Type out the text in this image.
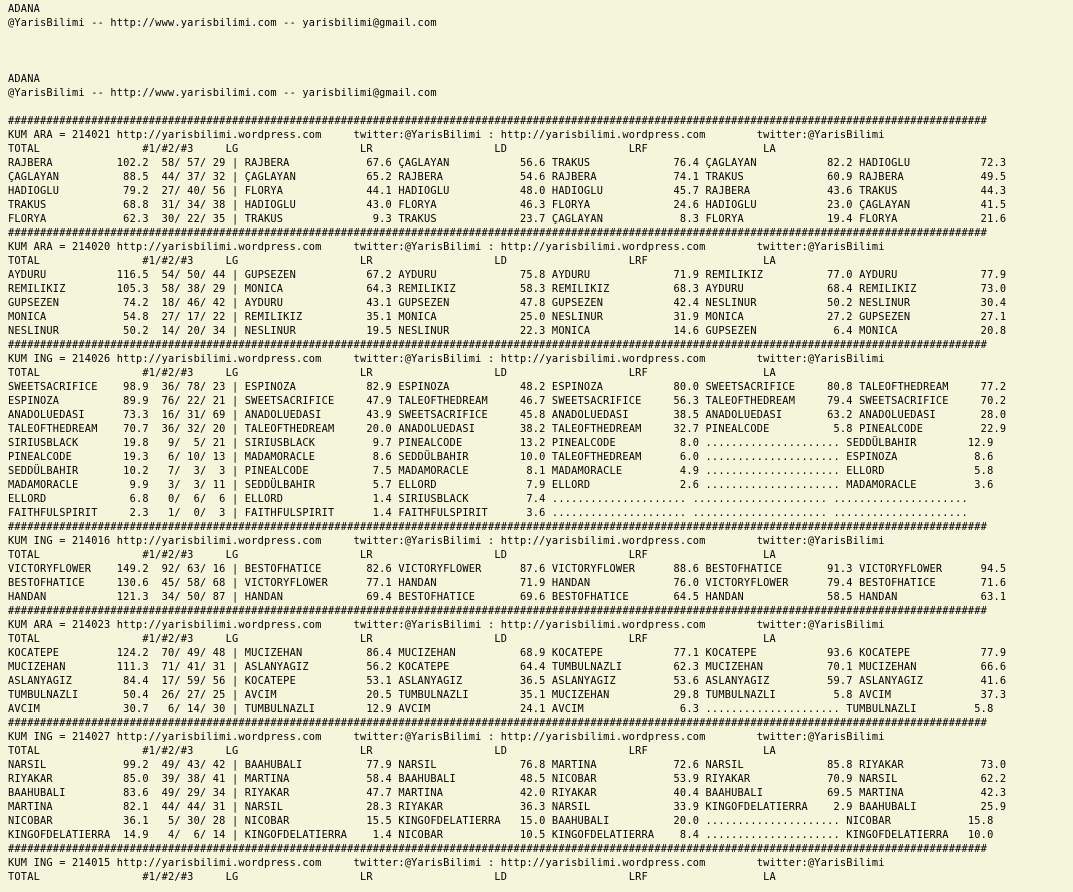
ADANA
@YarisBilimi -- http://www.yarisbilimi.com -- yarisbilimi@gmail.com

ADANA
@YarisBilimi -- http://www.yarisbilimi.com -- yarisbilimi@gmail.com

#########################################################################################################################################################
KUM ARA = 214021 http://yarisbilimi.wordpress.com     twitter:@YarisBilimi : http://yarisbilimi.wordpress.com        twitter:@YarisBilimi
TOTAL                #1/#2/#3     LG                   LR                   LD                   LRF                  LA
RAJBERA          102.2  58/ 57/ 29 | RAJBERA            67.6 ÇAGLAYAN           56.6 TRAKUS             76.4 ÇAGLAYAN           82.2 HADIOGLU           72.3
ÇAGLAYAN          88.5  44/ 37/ 32 | ÇAGLAYAN           65.2 RAJBERA            54.6 RAJBERA            74.1 TRAKUS             60.9 RAJBERA            49.5
HADIOGLU          79.2  27/ 40/ 56 | FLORYA             44.1 HADIOGLU           48.0 HADIOGLU           45.7 RAJBERA            43.6 TRAKUS             44.3
TRAKUS            68.8  31/ 34/ 38 | HADIOGLU           43.0 FLORYA             46.3 FLORYA             24.6 HADIOGLU           23.0 ÇAGLAYAN           41.5
FLORYA            62.3  30/ 22/ 35 | TRAKUS              9.3 TRAKUS             23.7 ÇAGLAYAN            8.3 FLORYA             19.4 FLORYA             21.6
#########################################################################################################################################################
KUM ARA = 214020 http://yarisbilimi.wordpress.com     twitter:@YarisBilimi : http://yarisbilimi.wordpress.com        twitter:@YarisBilimi
TOTAL                #1/#2/#3     LG                   LR                   LD                   LRF                  LA
AYDURU           116.5  54/ 50/ 44 | GUPSEZEN           67.2 AYDURU             75.8 AYDURU             71.9 REMILIKIZ          77.0 AYDURU             77.9
REMILIKIZ        105.3  58/ 38/ 29 | MONICA             64.3 REMILIKIZ          58.3 REMILIKIZ          68.3 AYDURU             68.4 REMILIKIZ          73.0
GUPSEZEN          74.2  18/ 46/ 42 | AYDURU             43.1 GUPSEZEN           47.8 GUPSEZEN           42.4 NESLINUR           50.2 NESLINUR           30.4
MONICA            54.8  27/ 17/ 22 | REMILIKIZ          35.1 MONICA             25.0 NESLINUR           31.9 MONICA             27.2 GUPSEZEN           27.1
NESLINUR          50.2  14/ 20/ 34 | NESLINUR           19.5 NESLINUR           22.3 MONICA             14.6 GUPSEZEN            6.4 MONICA             20.8
#########################################################################################################################################################
KUM ING = 214026 http://yarisbilimi.wordpress.com     twitter:@YarisBilimi : http://yarisbilimi.wordpress.com        twitter:@YarisBilimi
TOTAL                #1/#2/#3     LG                   LR                   LD                   LRF                  LA
SWEETSACRIFICE    98.9  36/ 78/ 23 | ESPINOZA           82.9 ESPINOZA           48.2 ESPINOZA           80.0 SWEETSACRIFICE     80.8 TALEOFTHEDREAM     77.2
ESPINOZA          89.9  76/ 22/ 21 | SWEETSACRIFICE     47.9 TALEOFTHEDREAM     46.7 SWEETSACRIFICE     56.3 TALEOFTHEDREAM     79.4 SWEETSACRIFICE     70.2
ANADOLUEDASI      73.3  16/ 31/ 69 | ANADOLUEDASI       43.9 SWEETSACRIFICE     45.8 ANADOLUEDASI       38.5 ANADOLUEDASI       63.2 ANADOLUEDASI       28.0
TALEOFTHEDREAM    70.7  36/ 32/ 20 | TALEOFTHEDREAM     20.0 ANADOLUEDASI       38.2 TALEOFTHEDREAM     32.7 PINEALCODE          5.8 PINEALCODE         22.9
SIRIUSBLACK       19.8   9/  5/ 21 | SIRIUSBLACK         9.7 PINEALCODE         13.2 PINEALCODE          8.0 ..................... SEDDÜLBAHIR        12.9
PINEALCODE        19.3   6/ 10/ 13 | MADAMORACLE         8.6 SEDDÜLBAHIR        10.0 TALEOFTHEDREAM      6.0 ..................... ESPINOZA            8.6
SEDDÜLBAHIR       10.2   7/  3/  3 | PINEALCODE          7.5 MADAMORACLE         8.1 MADAMORACLE         4.9 ..................... ELLORD              5.8
MADAMORACLE        9.9   3/  3/ 11 | SEDDÜLBAHIR         5.7 ELLORD              7.9 ELLORD              2.6 ..................... MADAMORACLE         3.6
ELLORD             6.8   0/  6/  6 | ELLORD              1.4 SIRIUSBLACK         7.4 ..................... ..................... .....................
FAITHFULSPIRIT     2.3   1/  0/  3 | FAITHFULSPIRIT      1.4 FAITHFULSPIRIT      3.6 ..................... ..................... .....................
#########################################################################################################################################################
KUM ING = 214016 http://yarisbilimi.wordpress.com     twitter:@YarisBilimi : http://yarisbilimi.wordpress.com        twitter:@YarisBilimi
TOTAL                #1/#2/#3     LG                   LR                   LD                   LRF                  LA
VICTORYFLOWER    149.2  92/ 63/ 16 | BESTOFHATICE       82.6 VICTORYFLOWER      87.6 VICTORYFLOWER      88.6 BESTOFHATICE       91.3 VICTORYFLOWER      94.5
BESTOFHATICE     130.6  45/ 58/ 68 | VICTORYFLOWER      77.1 HANDAN             71.9 HANDAN             76.0 VICTORYFLOWER      79.4 BESTOFHATICE       71.6
HANDAN           121.3  34/ 50/ 87 | HANDAN             69.4 BESTOFHATICE       69.6 BESTOFHATICE       64.5 HANDAN             58.5 HANDAN             63.1
#########################################################################################################################################################
KUM ARA = 214023 http://yarisbilimi.wordpress.com     twitter:@YarisBilimi : http://yarisbilimi.wordpress.com        twitter:@YarisBilimi
TOTAL                #1/#2/#3     LG                   LR                   LD                   LRF                  LA
KOCATEPE         124.2  70/ 49/ 48 | MUCIZEHAN          86.4 MUCIZEHAN          68.9 KOCATEPE           77.1 KOCATEPE           93.6 KOCATEPE           77.9
MUCIZEHAN        111.3  71/ 41/ 31 | ASLANYAGIZ         56.2 KOCATEPE           64.4 TUMBULNAZLI        62.3 MUCIZEHAN          70.1 MUCIZEHAN          66.6
ASLANYAGIZ        84.4  17/ 59/ 56 | KOCATEPE           53.1 ASLANYAGIZ         36.5 ASLANYAGIZ         53.6 ASLANYAGIZ         59.7 ASLANYAGIZ         41.6
TUMBULNAZLI       50.4  26/ 27/ 25 | AVCIM              20.5 TUMBULNAZLI        35.1 MUCIZEHAN          29.8 TUMBULNAZLI         5.8 AVCIM              37.3
AVCIM             30.7   6/ 14/ 30 | TUMBULNAZLI        12.9 AVCIM              24.1 AVCIM               6.3 ..................... TUMBULNAZLI         5.8
#########################################################################################################################################################
KUM ING = 214027 http://yarisbilimi.wordpress.com     twitter:@YarisBilimi : http://yarisbilimi.wordpress.com        twitter:@YarisBilimi
TOTAL                #1/#2/#3     LG                   LR                   LD                   LRF                  LA
NARSIL            99.2  49/ 43/ 42 | BAAHUBALI          77.9 NARSIL             76.8 MARTINA            72.6 NARSIL             85.8 RIYAKAR            73.0
RIYAKAR           85.0  39/ 38/ 41 | MARTINA            58.4 BAAHUBALI          48.5 NICOBAR            53.9 RIYAKAR            70.9 NARSIL             62.2
BAAHUBALI         83.6  49/ 29/ 34 | RIYAKAR            47.7 MARTINA            42.0 RIYAKAR            40.4 BAAHUBALI          69.5 MARTINA            42.3
MARTINA           82.1  44/ 44/ 31 | NARSIL             28.3 RIYAKAR            36.3 NARSIL             33.9 KINGOFDELATIERRA    2.9 BAAHUBALI          25.9
NICOBAR           36.1   5/ 30/ 28 | NICOBAR            15.5 KINGOFDELATIERRA   15.0 BAAHUBALI          20.0 ..................... NICOBAR            15.8
KINGOFDELATIERRA  14.9   4/  6/ 14 | KINGOFDELATIERRA    1.4 NICOBAR            10.5 KINGOFDELATIERRA    8.4 ..................... KINGOFDELATIERRA   10.0
#########################################################################################################################################################
KUM ING = 214015 http://yarisbilimi.wordpress.com     twitter:@YarisBilimi : http://yarisbilimi.wordpress.com        twitter:@YarisBilimi
TOTAL                #1/#2/#3     LG                   LR                   LD                   LRF                  LA
